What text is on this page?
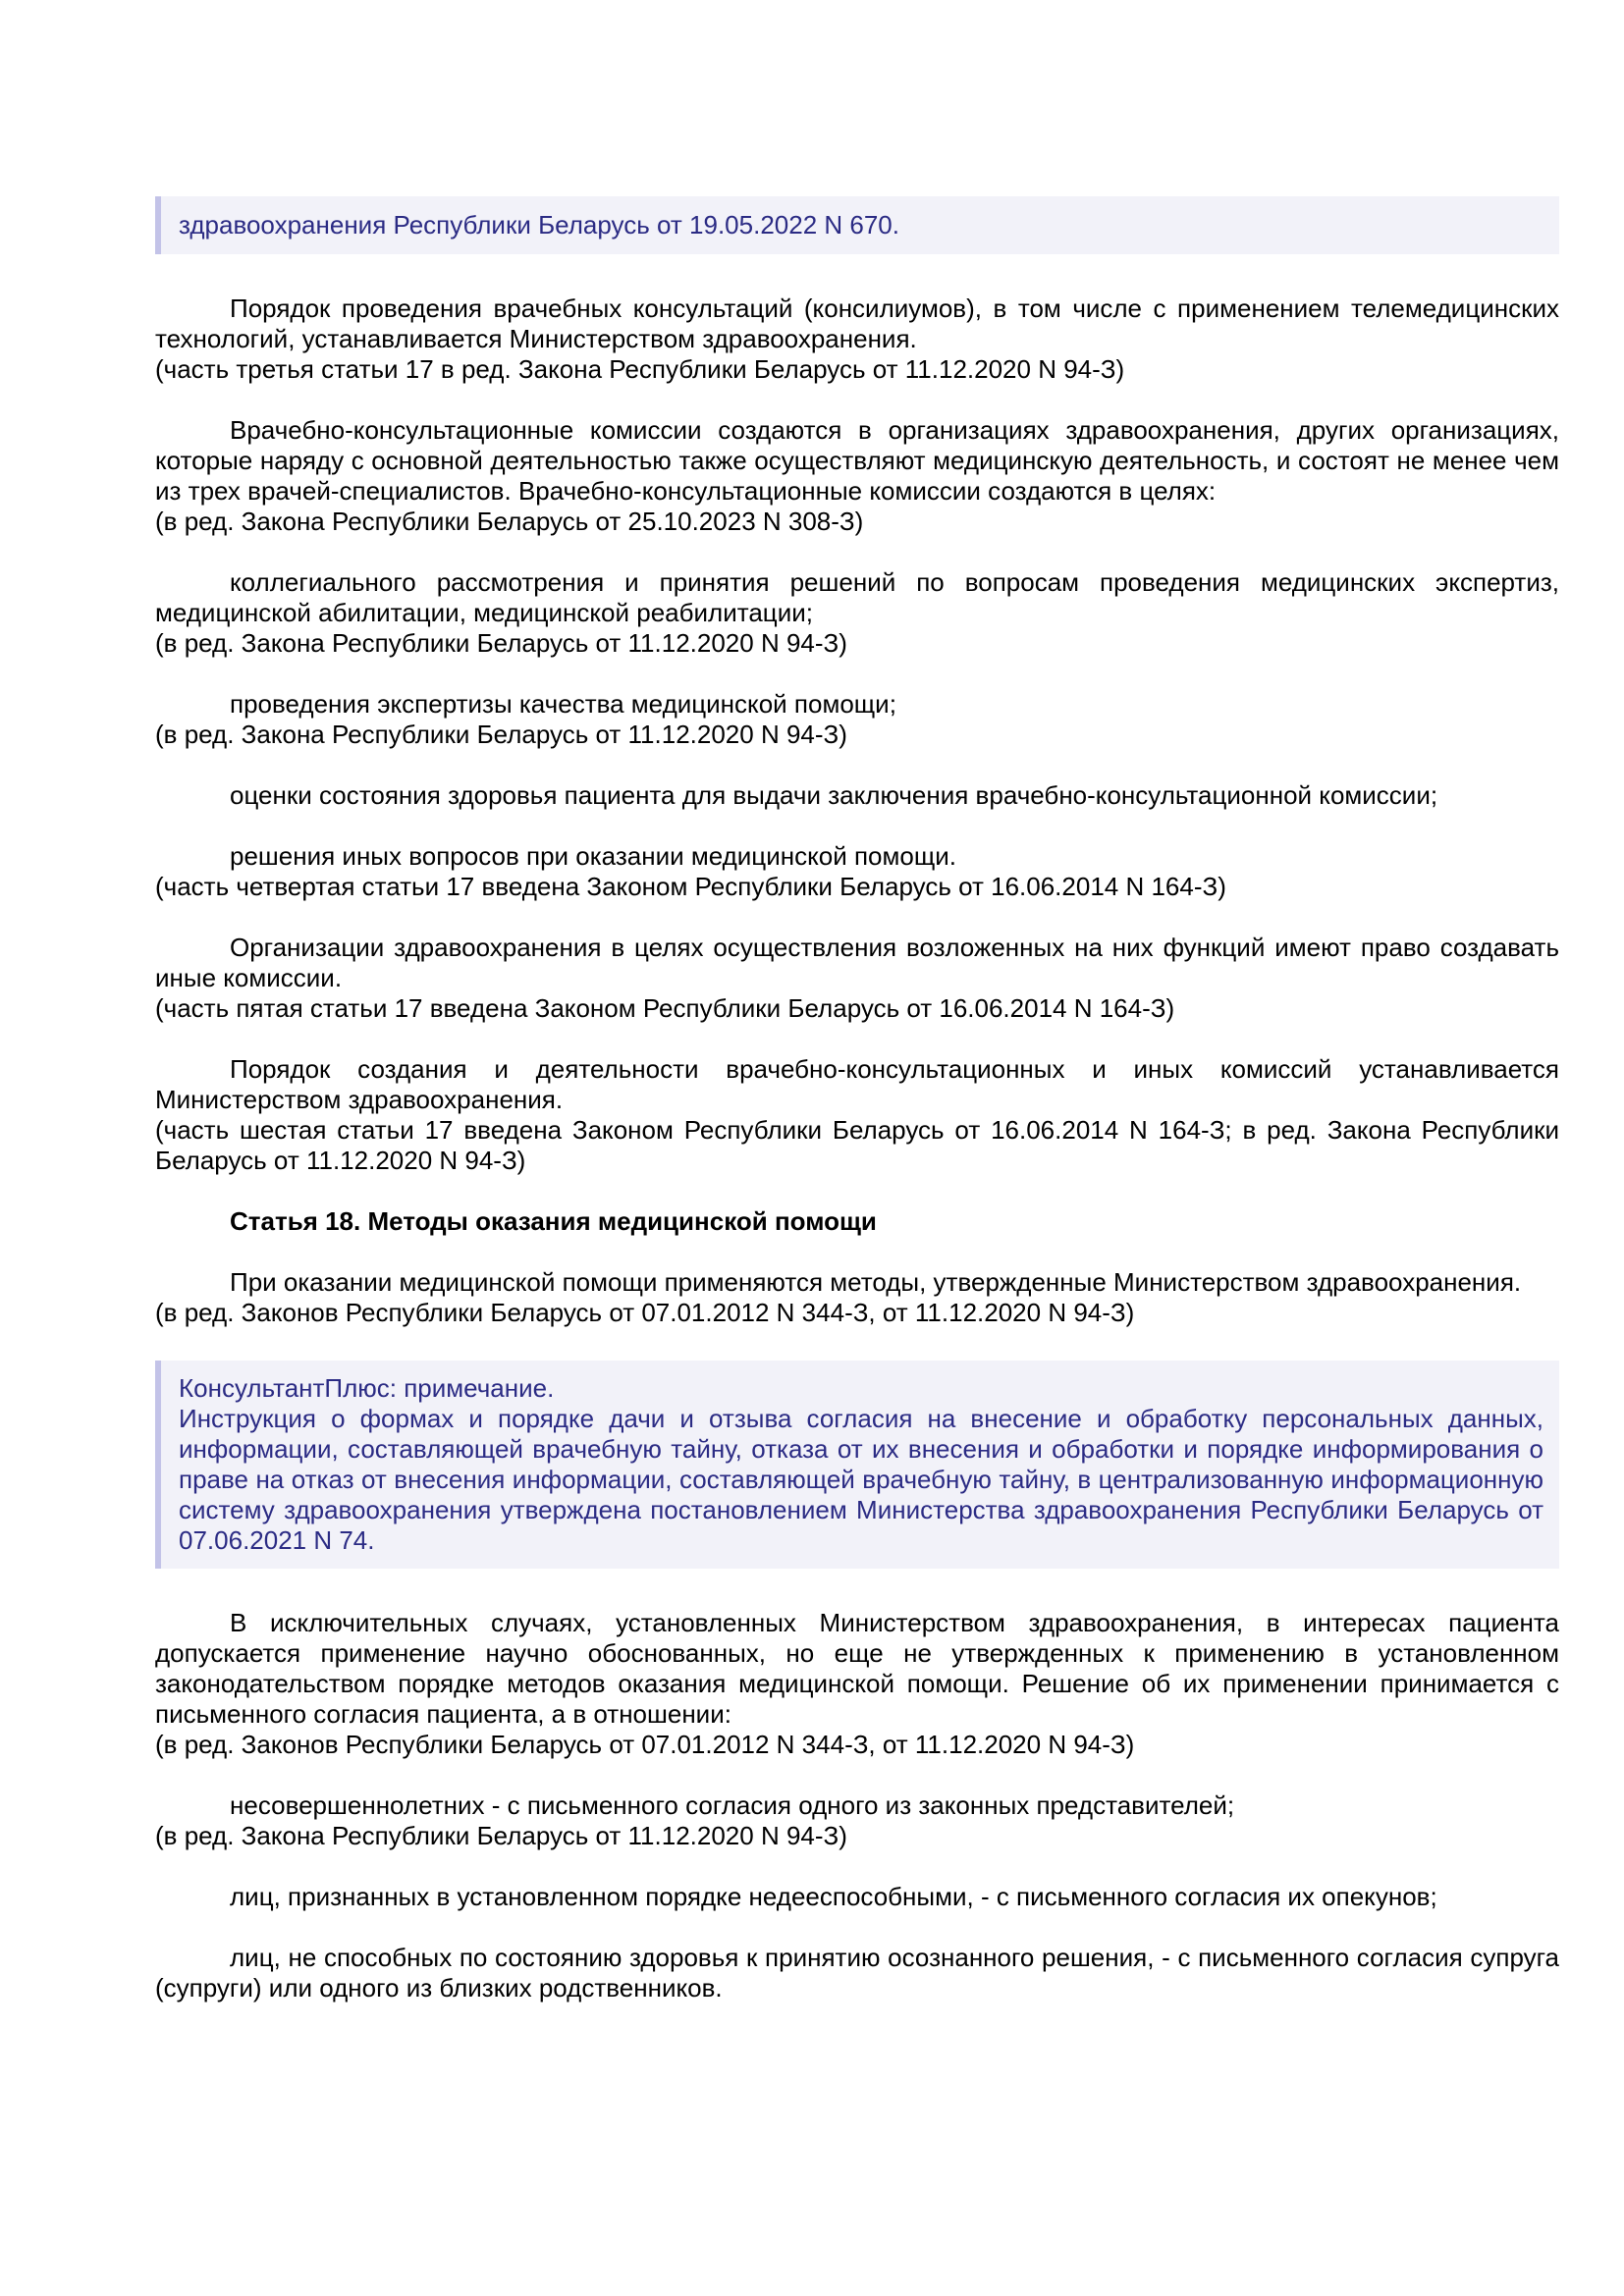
здравоохранения Республики Беларусь от 19.05.2022 N 670.

Порядок проведения врачебных консультаций (консилиумов), в том числе с применением телемедицинских технологий, устанавливается Министерством здравоохранения.

(часть третья статьи 17 в ред. Закона Республики Беларусь от 11.12.2020 N 94-З)

Врачебно-консультационные комиссии создаются в организациях здравоохранения, других организациях, которые наряду с основной деятельностью также осуществляют медицинскую деятельность, и состоят не менее чем из трех врачей-специалистов. Врачебно-консультационные комиссии создаются в целях:

(в ред. Закона Республики Беларусь от 25.10.2023 N 308-З)

коллегиального рассмотрения и принятия решений по вопросам проведения медицинских экспертиз, медицинской абилитации, медицинской реабилитации;

(в ред. Закона Республики Беларусь от 11.12.2020 N 94-З)

проведения экспертизы качества медицинской помощи;

(в ред. Закона Республики Беларусь от 11.12.2020 N 94-З)

оценки состояния здоровья пациента для выдачи заключения врачебно-консультационной комиссии;

решения иных вопросов при оказании медицинской помощи.

(часть четвертая статьи 17 введена Законом Республики Беларусь от 16.06.2014 N 164-З)

Организации здравоохранения в целях осуществления возложенных на них функций имеют право создавать иные комиссии.

(часть пятая статьи 17 введена Законом Республики Беларусь от 16.06.2014 N 164-З)

Порядок создания и деятельности врачебно-консультационных и иных комиссий устанавливается Министерством здравоохранения.

(часть шестая статьи 17 введена Законом Республики Беларусь от 16.06.2014 N 164-З; в ред. Закона Республики Беларусь от 11.12.2020 N 94-З)

Статья 18. Методы оказания медицинской помощи

При оказании медицинской помощи применяются методы, утвержденные Министерством здравоохранения.

(в ред. Законов Республики Беларусь от 07.01.2012 N 344-З, от 11.12.2020 N 94-З)

КонсультантПлюс: примечание.

Инструкция о формах и порядке дачи и отзыва согласия на внесение и обработку персональных данных, информации, составляющей врачебную тайну, отказа от их внесения и обработки и порядке информирования о праве на отказ от внесения информации, составляющей врачебную тайну, в централизованную информационную систему здравоохранения утверждена постановлением Министерства здравоохранения Республики Беларусь от 07.06.2021 N 74.

В исключительных случаях, установленных Министерством здравоохранения, в интересах пациента допускается применение научно обоснованных, но еще не утвержденных к применению в установленном законодательством порядке методов оказания медицинской помощи. Решение об их применении принимается с письменного согласия пациента, а в отношении:

(в ред. Законов Республики Беларусь от 07.01.2012 N 344-З, от 11.12.2020 N 94-З)

несовершеннолетних - с письменного согласия одного из законных представителей;

(в ред. Закона Республики Беларусь от 11.12.2020 N 94-З)

лиц, признанных в установленном порядке недееспособными, - с письменного согласия их опекунов;

лиц, не способных по состоянию здоровья к принятию осознанного решения, - с письменного согласия супруга (супруги) или одного из близких родственников.
